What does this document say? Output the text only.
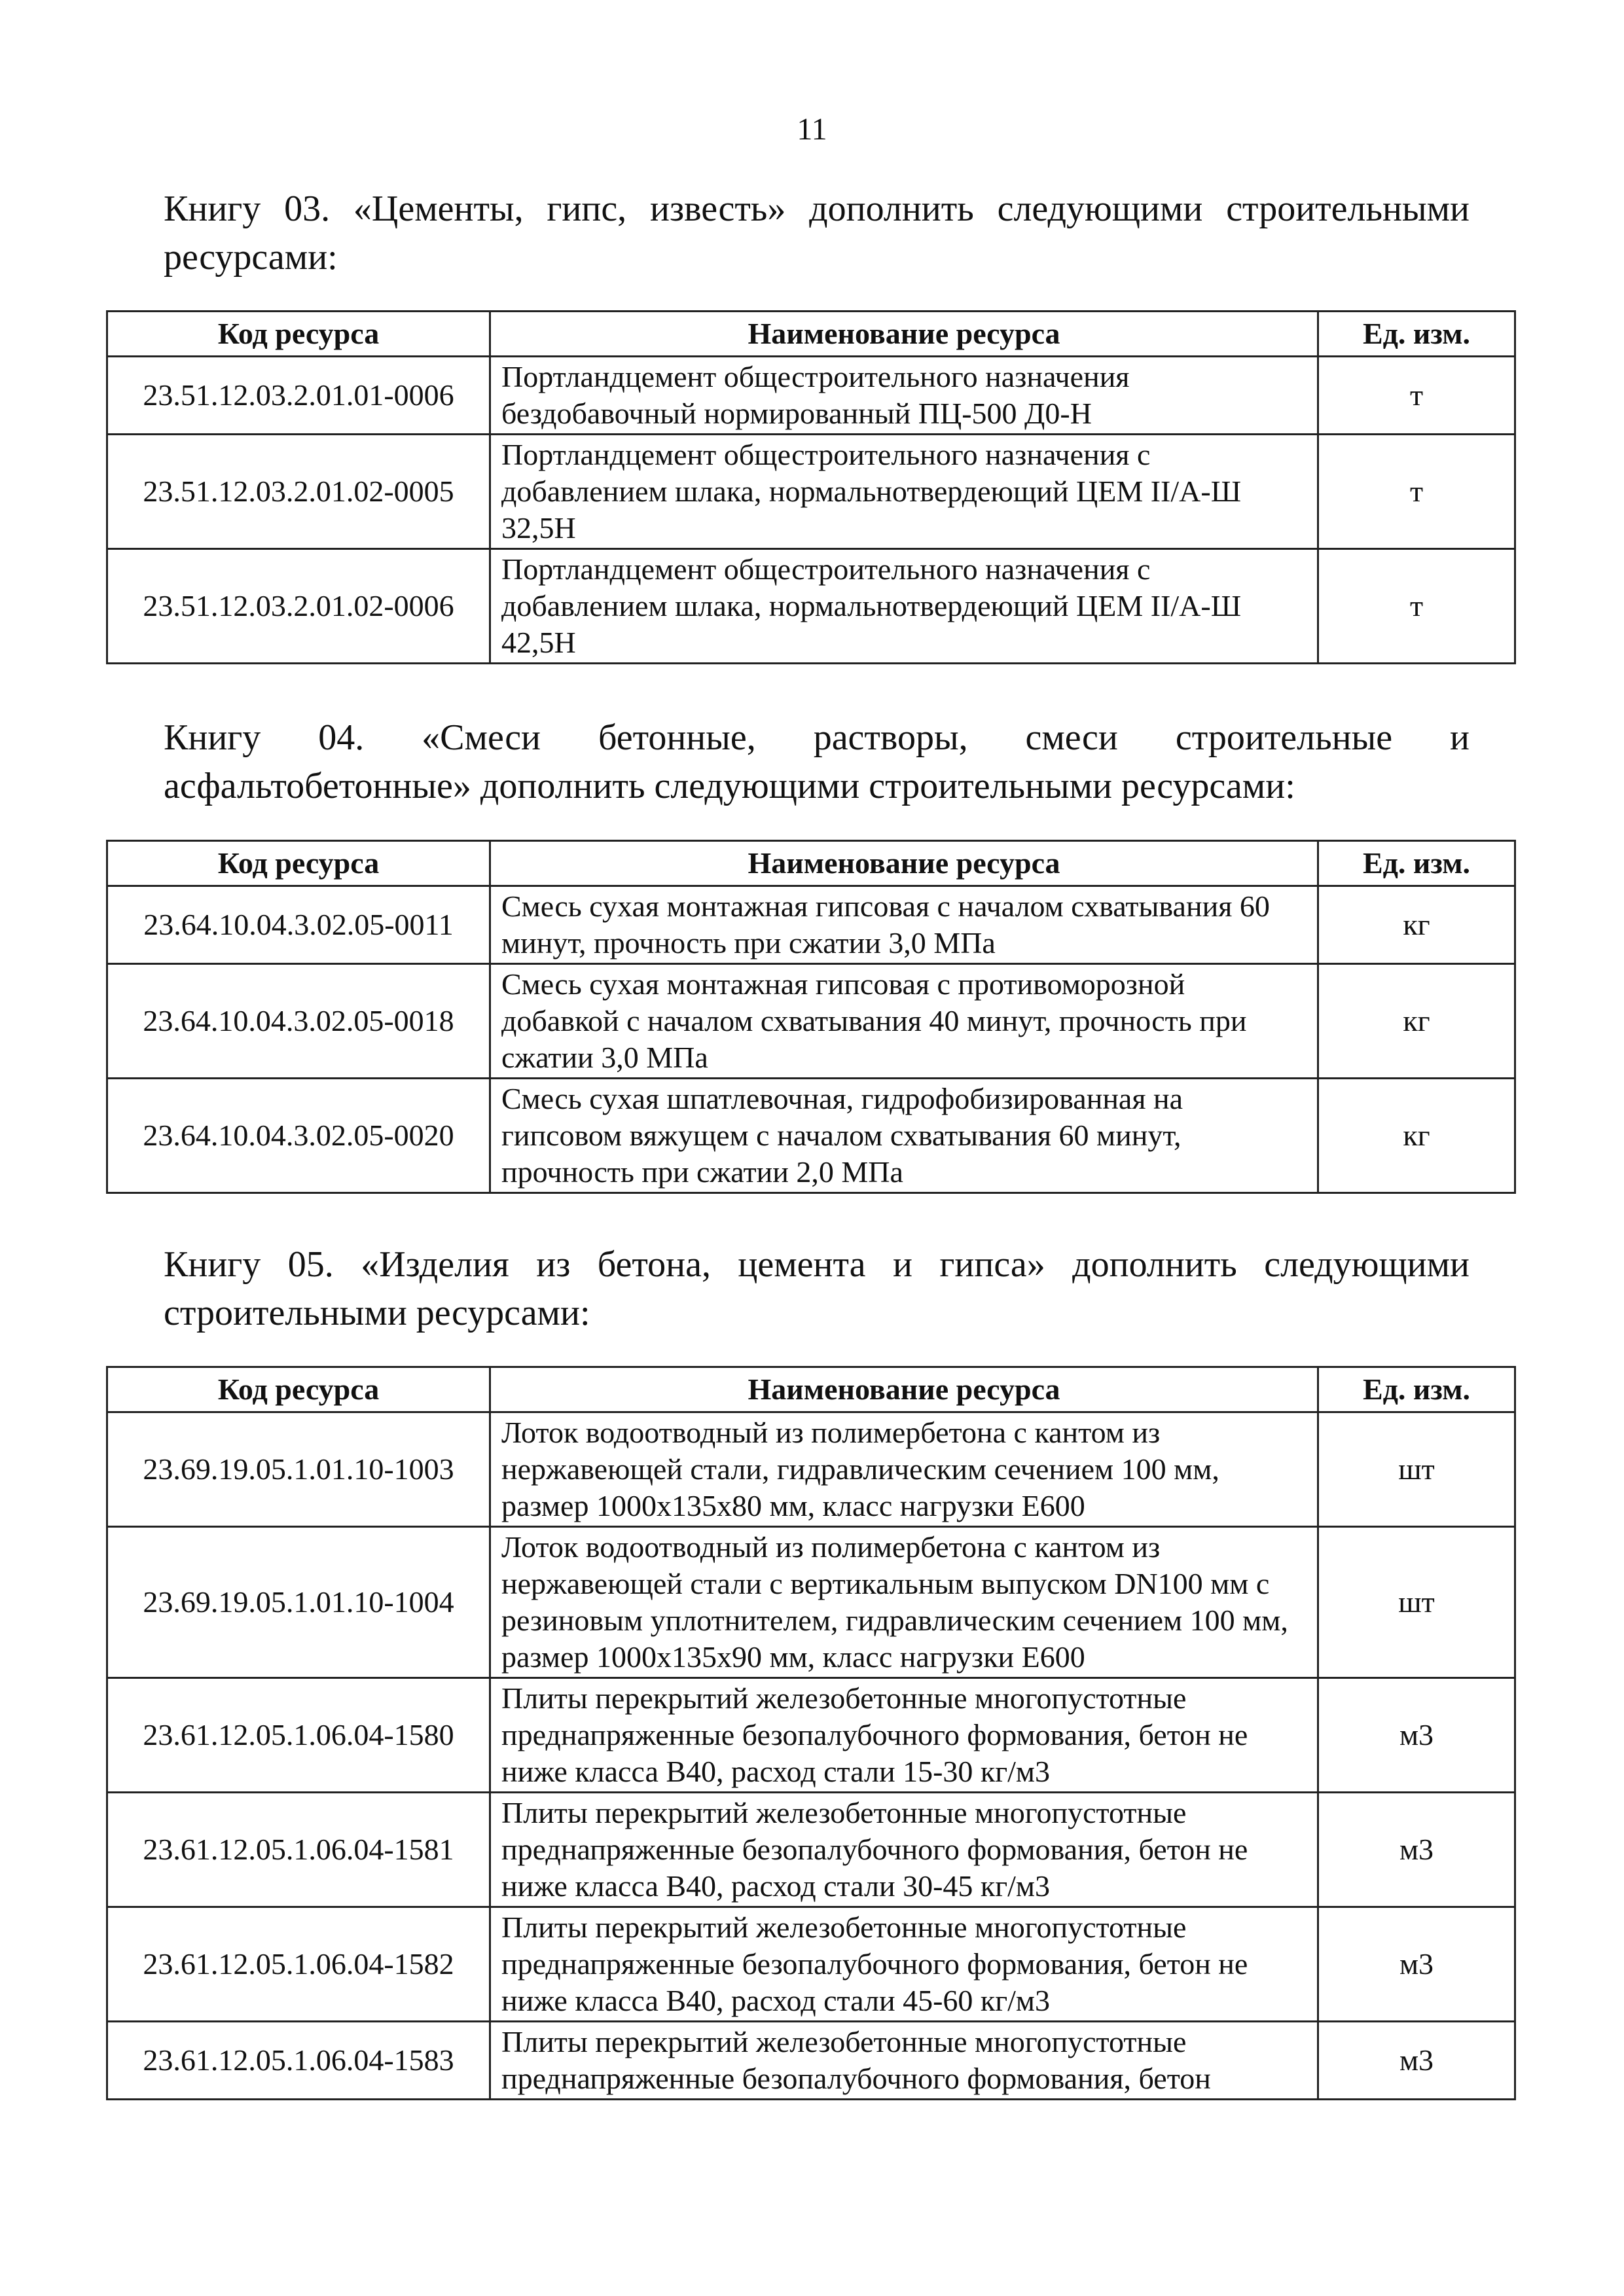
11

Книгу 03. «Цементы, гипс, известь» дополнить следующими строительными
ресурсами:

Код ресурса	Наименование ресурса	Ед. изм.
23.51.12.03.2.01.01-0006	Портландцемент общестроительного назначения бездобавочный нормированный ПЦ-500 Д0-Н	т
23.51.12.03.2.01.02-0005	Портландцемент общестроительного назначения с добавлением шлака, нормальнотвердеющий ЦЕМ II/А-Ш 32,5Н	т
23.51.12.03.2.01.02-0006	Портландцемент общестроительного назначения с добавлением шлака, нормальнотвердеющий ЦЕМ II/А-Ш 42,5Н	т

Книгу 04. «Смеси бетонные, растворы, смеси строительные и
асфальтобетонные» дополнить следующими строительными ресурсами:

Код ресурса	Наименование ресурса	Ед. изм.
23.64.10.04.3.02.05-0011	Смесь сухая монтажная гипсовая с началом схватывания 60 минут, прочность при сжатии 3,0 МПа	кг
23.64.10.04.3.02.05-0018	Смесь сухая монтажная гипсовая с противоморозной добавкой с началом схватывания 40 минут, прочность при сжатии 3,0 МПа	кг
23.64.10.04.3.02.05-0020	Смесь сухая шпатлевочная, гидрофобизированная на гипсовом вяжущем с началом схватывания 60 минут, прочность при сжатии 2,0 МПа	кг

Книгу 05. «Изделия из бетона, цемента и гипса» дополнить следующими
строительными ресурсами:

Код ресурса	Наименование ресурса	Ед. изм.
23.69.19.05.1.01.10-1003	Лоток водоотводный из полимербетона с кантом из нержавеющей стали, гидравлическим сечением 100 мм, размер 1000х135х80 мм, класс нагрузки Е600	шт
23.69.19.05.1.01.10-1004	Лоток водоотводный из полимербетона с кантом из нержавеющей стали с вертикальным выпуском DN100 мм с резиновым уплотнителем, гидравлическим сечением 100 мм, размер 1000х135х90 мм, класс нагрузки Е600	шт
23.61.12.05.1.06.04-1580	Плиты перекрытий железобетонные многопустотные преднапряженные безопалубочного формования, бетон не ниже класса В40, расход стали 15-30 кг/м3	м3
23.61.12.05.1.06.04-1581	Плиты перекрытий железобетонные многопустотные преднапряженные безопалубочного формования, бетон не ниже класса В40, расход стали 30-45 кг/м3	м3
23.61.12.05.1.06.04-1582	Плиты перекрытий железобетонные многопустотные преднапряженные безопалубочного формования, бетон не ниже класса В40, расход стали 45-60 кг/м3	м3
23.61.12.05.1.06.04-1583	Плиты перекрытий железобетонные многопустотные преднапряженные безопалубочного формования, бетон	м3
